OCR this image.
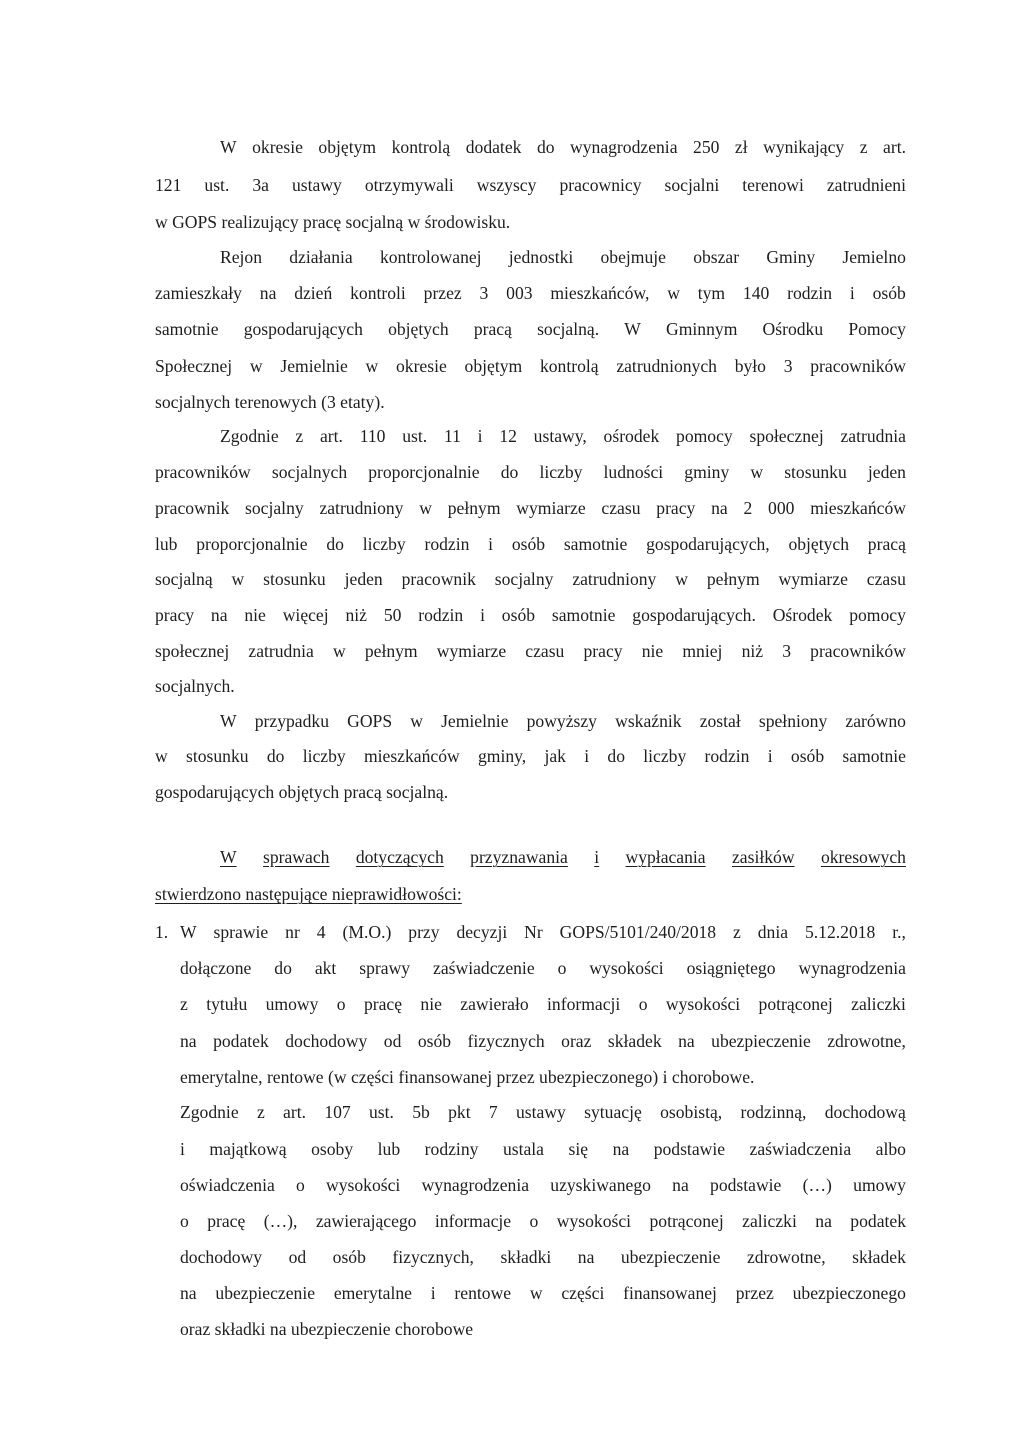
W okresie objętym kontrolą dodatek do wynagrodzenia 250 zł wynikający z art.

121 ust. 3a ustawy otrzymywali wszyscy pracownicy socjalni terenowi zatrudnieni

w GOPS realizujący pracę socjalną w środowisku.

Rejon działania kontrolowanej jednostki obejmuje obszar Gminy Jemielno

zamieszkały na dzień kontroli przez 3 003 mieszkańców, w tym 140 rodzin i osób

samotnie gospodarujących objętych pracą socjalną. W Gminnym Ośrodku Pomocy

Społecznej w Jemielnie w okresie objętym kontrolą zatrudnionych było 3 pracowników

socjalnych terenowych (3 etaty).

Zgodnie z art. 110 ust. 11 i 12 ustawy, ośrodek pomocy społecznej zatrudnia

pracowników socjalnych proporcjonalnie do liczby ludności gminy w stosunku jeden

pracownik socjalny zatrudniony w pełnym wymiarze czasu pracy na 2 000 mieszkańców

lub proporcjonalnie do liczby rodzin i osób samotnie gospodarujących, objętych pracą

socjalną w stosunku jeden pracownik socjalny zatrudniony w pełnym wymiarze czasu

pracy na nie więcej niż 50 rodzin i osób samotnie gospodarujących. Ośrodek pomocy

społecznej zatrudnia w pełnym wymiarze czasu pracy nie mniej niż 3 pracowników

socjalnych.

W przypadku GOPS w Jemielnie powyższy wskaźnik został spełniony zarówno

w stosunku do liczby mieszkańców gminy, jak i do liczby rodzin i osób samotnie

gospodarujących objętych pracą socjalną.

W sprawach dotyczących przyznawania i wypłacania zasiłków okresowych

stwierdzono następujące nieprawidłowości:

1. W sprawie nr 4 (M.O.) przy decyzji Nr GOPS/5101/240/2018 z dnia 5.12.2018 r.,

dołączone do akt sprawy zaświadczenie o wysokości osiągniętego wynagrodzenia

z tytułu umowy o pracę nie zawierało informacji o wysokości potrąconej zaliczki

na podatek dochodowy od osób fizycznych oraz składek na ubezpieczenie zdrowotne,

emerytalne, rentowe (w części finansowanej przez ubezpieczonego) i chorobowe.

Zgodnie z art. 107 ust. 5b pkt 7 ustawy sytuację osobistą, rodzinną, dochodową

i majątkową osoby lub rodziny ustala się na podstawie zaświadczenia albo

oświadczenia o wysokości wynagrodzenia uzyskiwanego na podstawie (…) umowy

o pracę (…), zawierającego informacje o wysokości potrąconej zaliczki na podatek

dochodowy od osób fizycznych, składki na ubezpieczenie zdrowotne, składek

na ubezpieczenie emerytalne i rentowe w części finansowanej przez ubezpieczonego

oraz składki na ubezpieczenie chorobowe
